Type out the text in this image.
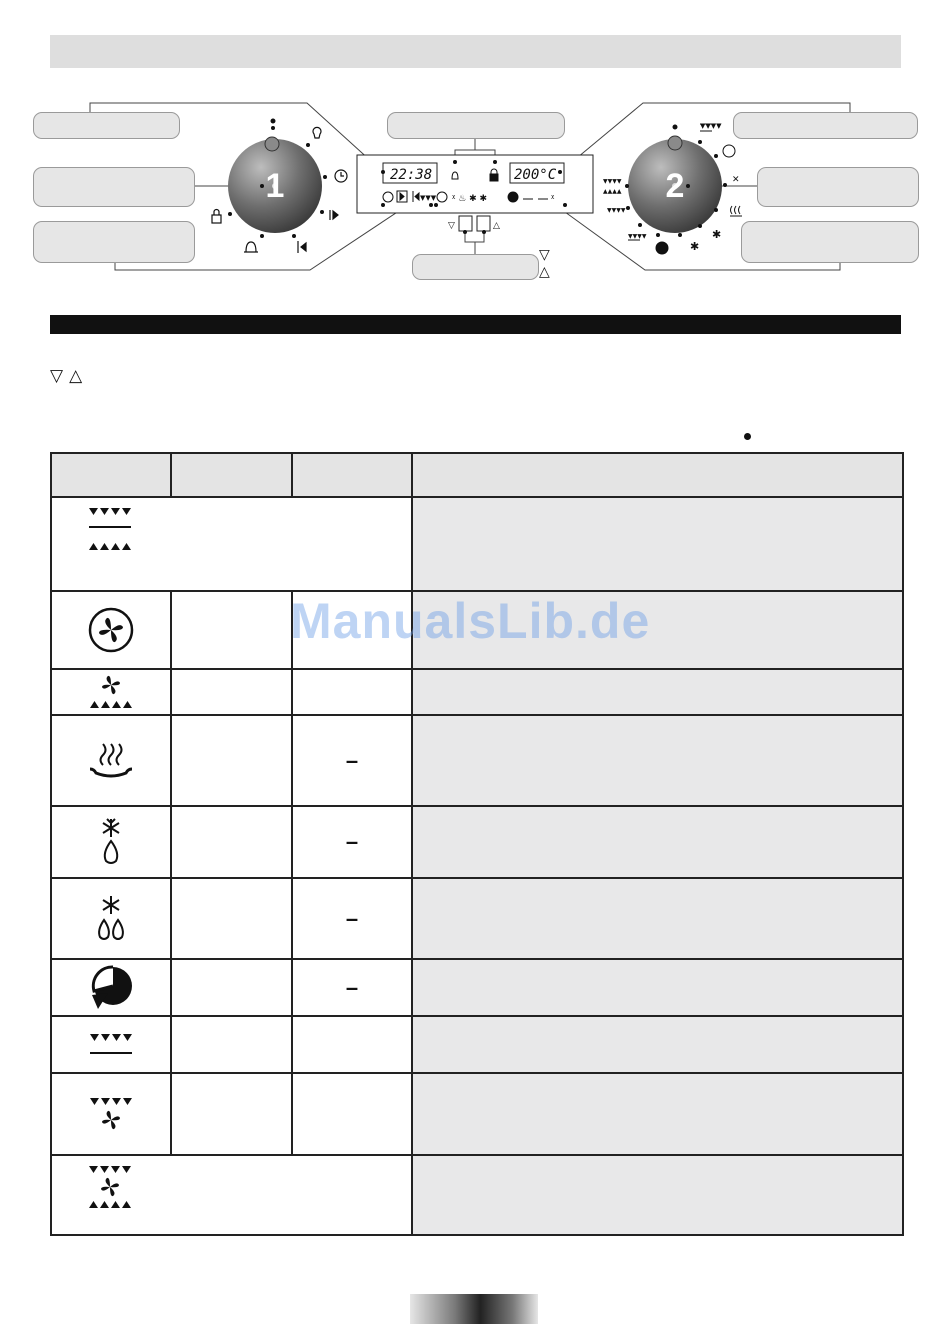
▼▼▼▼
✕
✱
✱
▼▼▼▼
▼▼▼▼
▼▼▼▼
▲▲▲▲
22:38	200°C
▼▼▼ ᵡ ♨ ✱ ✱	ᵡ
▽	△
1	2
▽
△
▽△

		–	

		–	

		–	

		–	

ManualsLib.de
